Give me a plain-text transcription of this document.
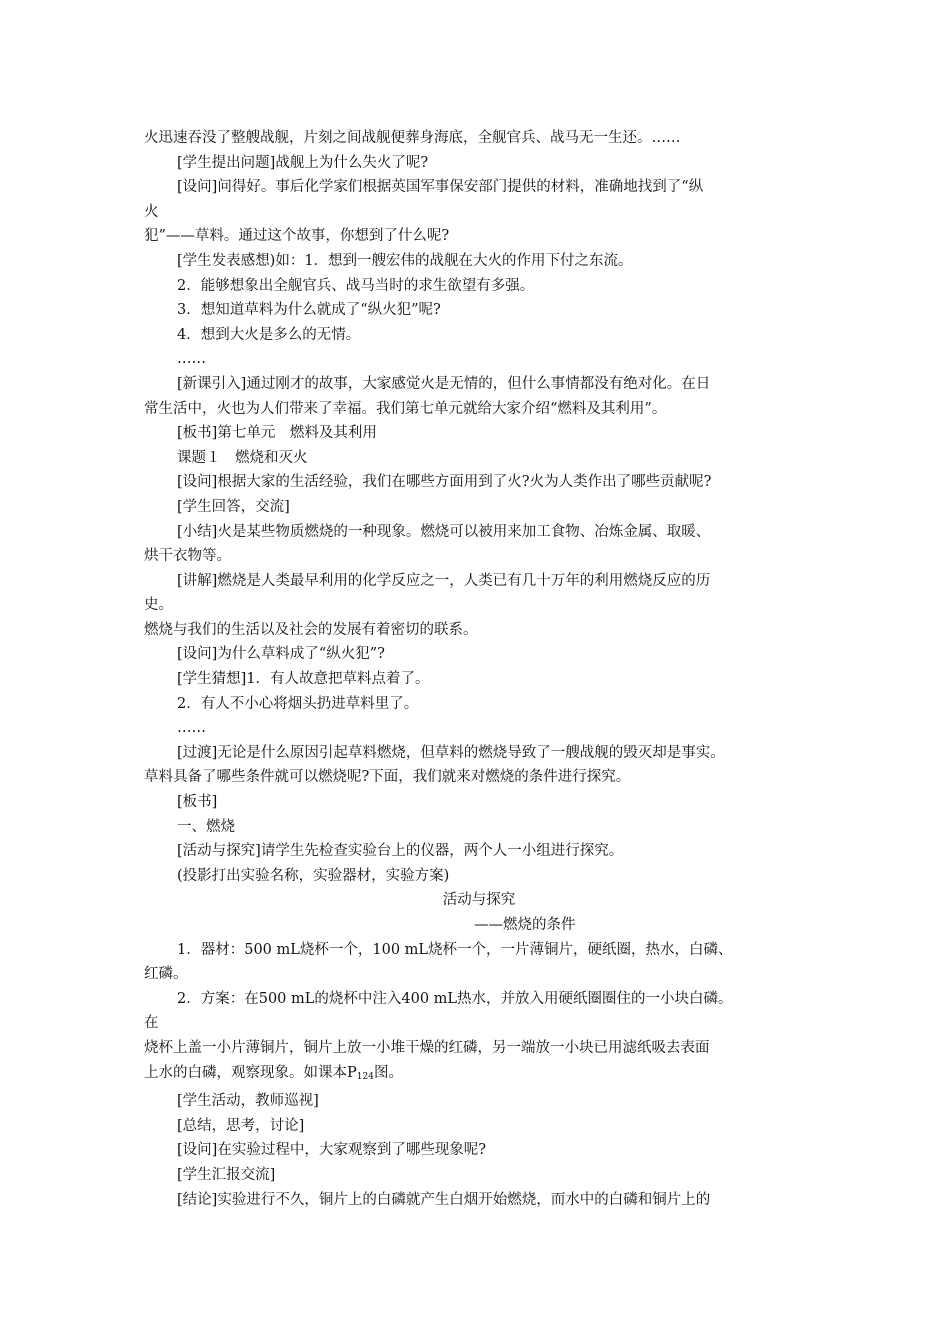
火迅速吞没了整艘战舰，片刻之间战舰便葬身海底，全舰官兵、战马无一生还。……

[学生提出问题]战舰上为什么失火了呢?

[设问]问得好。事后化学家们根据英国军事保安部门提供的材料，准确地找到了“纵

火

犯”——草料。通过这个故事，你想到了什么呢?

[学生发表感想)如：1．想到一艘宏伟的战舰在大火的作用下付之东流。

2．能够想象出全舰官兵、战马当时的求生欲望有多强。

3．想知道草料为什么就成了“纵火犯”呢?

4．想到大火是多么的无情。

……

[新课引入]通过刚才的故事，大家感觉火是无情的，但什么事情都没有绝对化。在日

常生活中，火也为人们带来了幸福。我们第七单元就给大家介绍“燃料及其利用”。

[板书]第七单元　燃料及其利用

课题１　燃烧和灭火

[设问]根据大家的生活经验，我们在哪些方面用到了火?火为人类作出了哪些贡献呢?

[学生回答，交流]

[小结]火是某些物质燃烧的一种现象。燃烧可以被用来加工食物、冶炼金属、取暖、

烘干衣物等。

[讲解]燃烧是人类最早利用的化学反应之一，人类已有几十万年的利用燃烧反应的历

史。

燃烧与我们的生活以及社会的发展有着密切的联系。

[设问]为什么草料成了“纵火犯”?

[学生猜想]1．有人故意把草料点着了。

2．有人不小心将烟头扔进草料里了。

……

[过渡]无论是什么原因引起草料燃烧，但草料的燃烧导致了一艘战舰的毁灭却是事实。

草料具备了哪些条件就可以燃烧呢?下面，我们就来对燃烧的条件进行探究。

[板书]

一、燃烧

[活动与探究]请学生先检查实验台上的仪器，两个人一小组进行探究。

(投影打出实验名称，实验器材，实验方案)

活动与探究

——燃烧的条件

1．器材：500 mL烧杯一个，100 mL烧杯一个，一片薄铜片，硬纸圈，热水，白磷、

红磷。

2．方案：在500 mL的烧杯中注入400 mL热水，并放入用硬纸圈圈住的一小块白磷。

在

烧杯上盖一小片薄铜片，铜片上放一小堆干燥的红磷，另一端放一小块已用滤纸吸去表面

上水的白磷，观察现象。如课本$P_{124}$图。

[学生活动，教师巡视]

[总结，思考，讨论]

[设问]在实验过程中，大家观察到了哪些现象呢?

[学生汇报交流]

[结论]实验进行不久，铜片上的白磷就产生白烟开始燃烧，而水中的白磷和铜片上的
